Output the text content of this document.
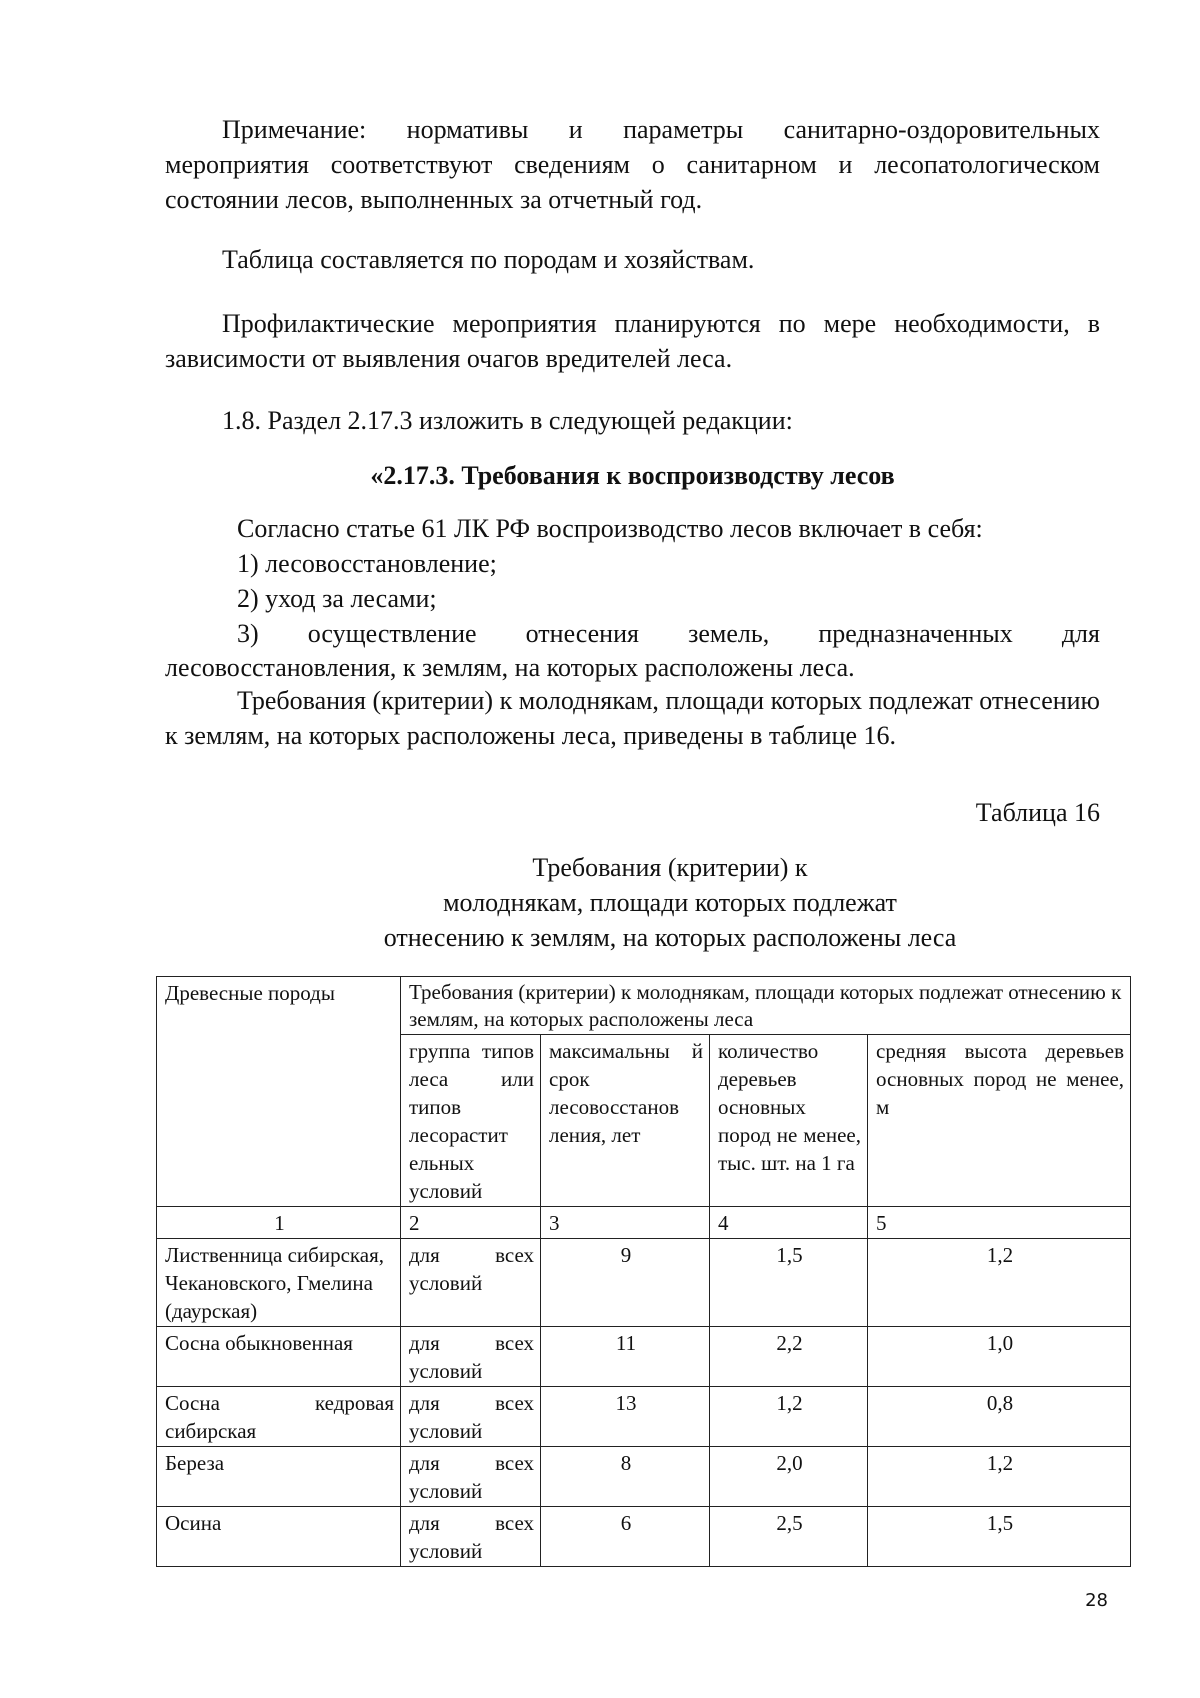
Примечание: нормативы и параметры санитарно-оздоровительных мероприятия соответствуют сведениям о санитарном и лесопатологическом состоянии лесов, выполненных за отчетный год.

Таблица составляется по породам и хозяйствам.

Профилактические мероприятия планируются по мере необходимости, в зависимости от выявления очагов вредителей леса.

1.8. Раздел 2.17.3 изложить в следующей редакции:

«2.17.3. Требования к воспроизводству лесов

Согласно статье 61 ЛК РФ воспроизводство лесов включает в себя:

1) лесовосстановление;

2) уход за лесами;

3) осуществление отнесения земель, предназначенных для

лесовосстановления, к землям, на которых расположены леса.

Требования (критерии) к молоднякам, площади которых подлежат отнесению к землям, на которых расположены леса, приведены в таблице 16.

Таблица 16

Требования (критерии) к

молоднякам, площади которых подлежат

отнесению к землям, на которых расположены леса

Древесные породы	Требования (критерии) к молоднякам, площади которых подлежат отнесению к землям, на которых расположены леса			
	группа типов леса или типов лесорастит ельных условий	максимальны й срок лесовосстанов ления, лет	количество деревьев основных пород не менее, тыс. шт. на 1 га	средняя высота деревьев основных пород не менее, м
1	2	3	4	5
Лиственница сибирская, Чекановского, Гмелина (даурская)	для всех условий	9	1,5	1,2
Сосна обыкновенная	для всех условий	11	2,2	1,0
Сосна кедровая сибирская	для всех условий	13	1,2	0,8
Береза	для всех условий	8	2,0	1,2
Осина	для всех условий	6	2,5	1,5
28
